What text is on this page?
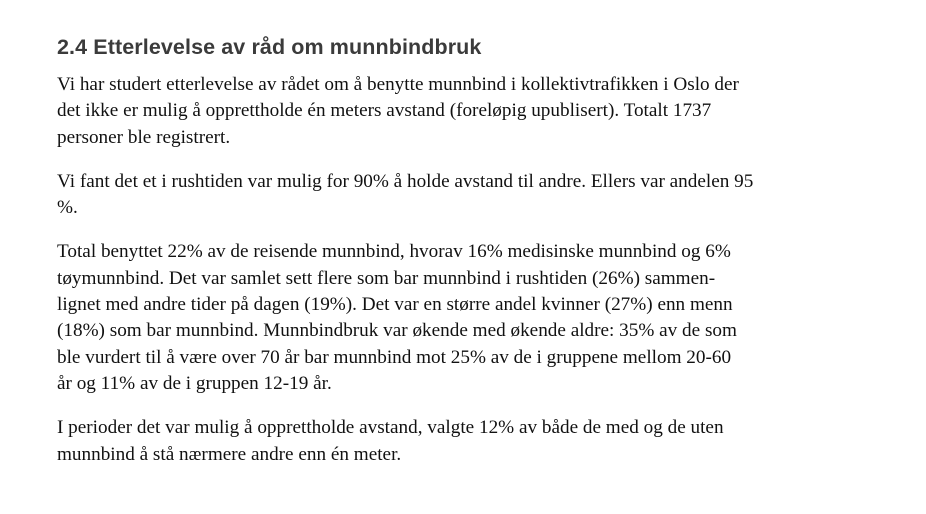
2.4 Etterlevelse av råd om munnbindbruk

Vi har studert etterlevelse av rådet om å benytte munnbind i kollektivtrafikken i Oslo der
det ikke er mulig å opprettholde én meters avstand (foreløpig upublisert). Totalt 1737
personer ble registrert.

Vi fant det et i rushtiden var mulig for 90% å holde avstand til andre. Ellers var andelen 95
%.

Total benyttet 22% av de reisende munnbind, hvorav 16% medisinske munnbind og 6%
tøymunnbind. Det var samlet sett flere som bar munnbind i rushtiden (26%) sammen-
lignet med andre tider på dagen (19%). Det var en større andel kvinner (27%) enn menn
(18%) som bar munnbind. Munnbindbruk var økende med økende aldre: 35% av de som
ble vurdert til å være over 70 år bar munnbind mot 25% av de i gruppene mellom 20-60
år og 11% av de i gruppen 12-19 år.

I perioder det var mulig å opprettholde avstand, valgte 12% av både de med og de uten
munnbind å stå nærmere andre enn én meter.
